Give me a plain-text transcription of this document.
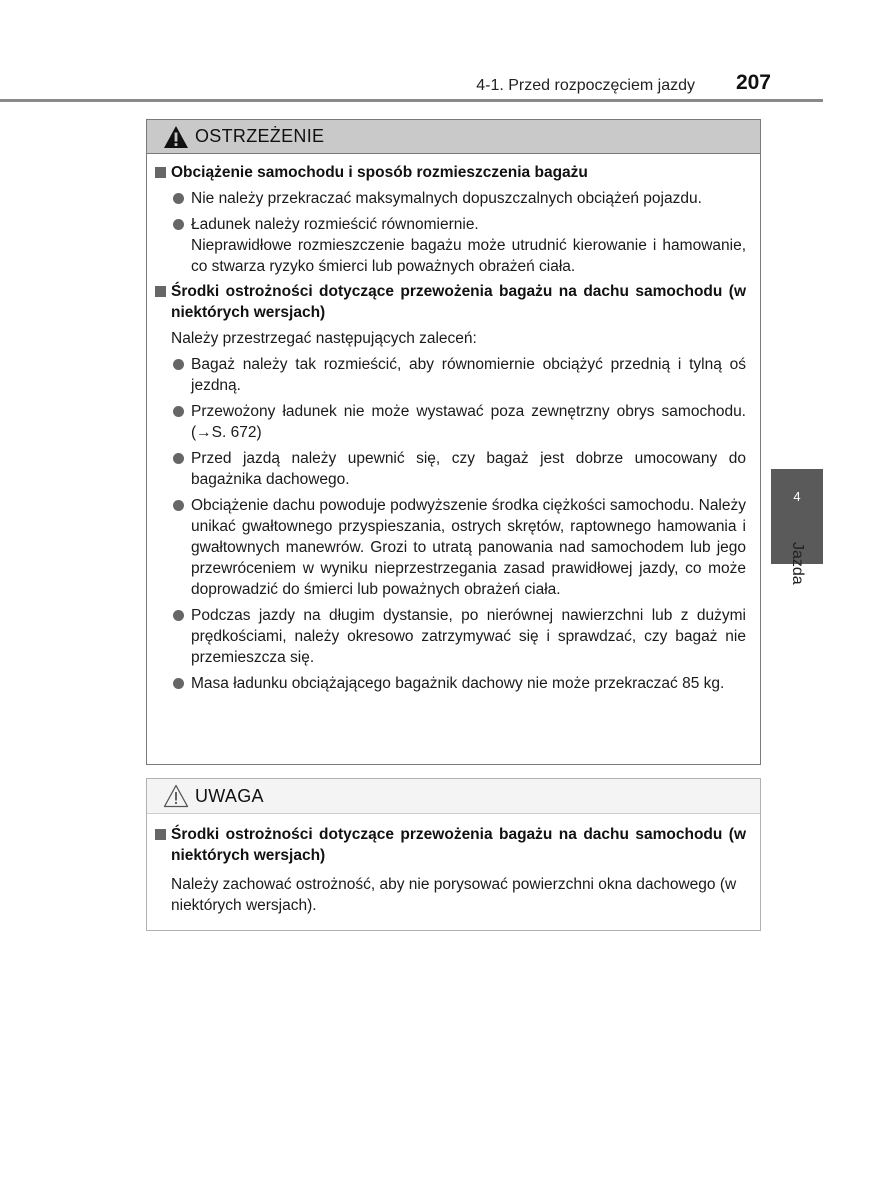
4-1. Przed rozpoczęciem jazdy 207
4
Jazda
OSTRZEŻENIE
Obciążenie samochodu i sposób rozmieszczenia bagażu
Nie należy przekraczać maksymalnych dopuszczalnych obciążeń pojazdu.
Ładunek należy rozmieścić równomiernie.
Nieprawidłowe rozmieszczenie bagażu może utrudnić kierowanie i hamowanie, co stwarza ryzyko śmierci lub poważnych obrażeń ciała.
Środki ostrożności dotyczące przewożenia bagażu na dachu samochodu (w niektórych wersjach)
Należy przestrzegać następujących zaleceń:
Bagaż należy tak rozmieścić, aby równomiernie obciążyć przednią i tylną oś jezdną.
Przewożony ładunek nie może wystawać poza zewnętrzny obrys samochodu. (→S. 672)
Przed jazdą należy upewnić się, czy bagaż jest dobrze umocowany do bagażnika dachowego.
Obciążenie dachu powoduje podwyższenie środka ciężkości samochodu. Należy unikać gwałtownego przyspieszania, ostrych skrętów, raptownego hamowania i gwałtownych manewrów. Grozi to utratą panowania nad samochodem lub jego przewróceniem w wyniku nieprzestrzegania zasad prawidłowej jazdy, co może doprowadzić do śmierci lub poważnych obrażeń ciała.
Podczas jazdy na długim dystansie, po nierównej nawierzchni lub z dużymi prędkościami, należy okresowo zatrzymywać się i sprawdzać, czy bagaż nie przemieszcza się.
Masa ładunku obciążającego bagażnik dachowy nie może przekraczać 85 kg.
UWAGA
Środki ostrożności dotyczące przewożenia bagażu na dachu samochodu (w niektórych wersjach)
Należy zachować ostrożność, aby nie porysować powierzchni okna dachowego (w niektórych wersjach).
